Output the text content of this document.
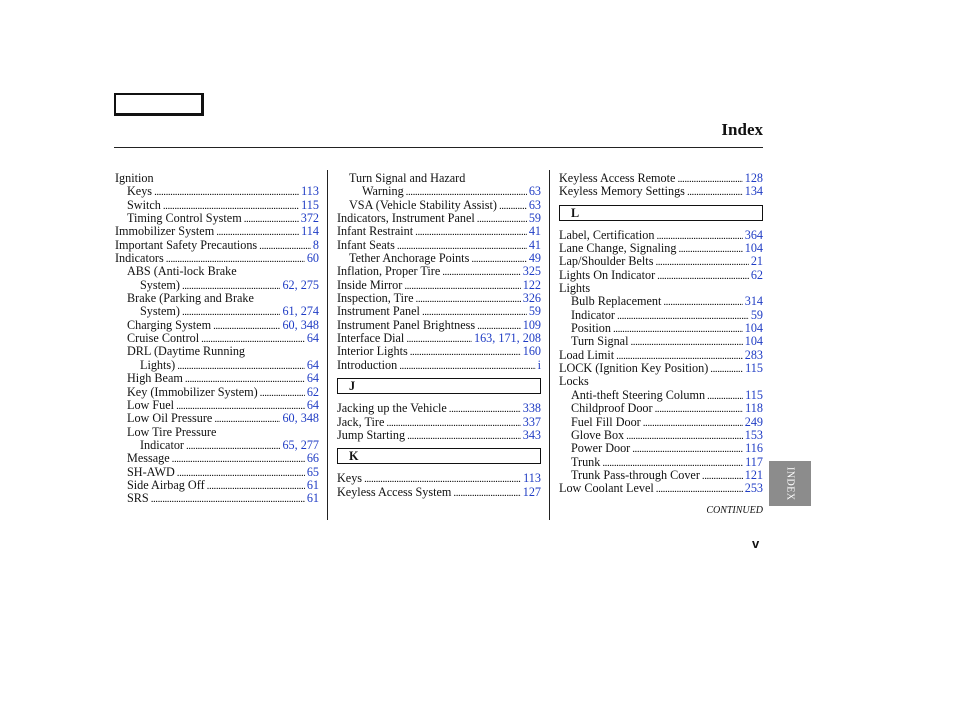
Index
Ignition
Keys . . .	113
Switch . . .	115
Timing Control System . . .	372
Immobilizer System . . .	114
Important Safety Precautions . . .	8
Indicators . . .	60
ABS (Anti-lock Brake
System) . . .	62, 275
Brake (Parking and Brake
System) . . .	61, 274
Charging System . . .	60, 348
Cruise Control . . .	64
DRL (Daytime Running
Lights) . . .	64
High Beam . . .	64
Key (Immobilizer System) . . .	62
Low Fuel . . .	64
Low Oil Pressure . . .	60, 348
Low Tire Pressure
Indicator . . .	65, 277
Message . . .	66
SH-AWD . . .	65
Side Airbag Off . . .	61
SRS . . .	61
Turn Signal and Hazard
Warning . . .	63
VSA (Vehicle Stability Assist) . . .	63
Indicators, Instrument Panel . . .	59
Infant Restraint . . .	41
Infant Seats . . .	41
Tether Anchorage Points . . .	49
Inflation, Proper Tire . . .	325
Inside Mirror . . .	122
Inspection, Tire . . .	326
Instrument Panel . . .	59
Instrument Panel Brightness . . .	109
Interface Dial . . .	163, 171, 208
Interior Lights . . .	160
Introduction . . .	i
J
Jacking up the Vehicle . . .	338
Jack, Tire . . .	337
Jump Starting . . .	343
K
Keys . . .	113
Keyless Access System . . .	127
Keyless Access Remote . . .	128
Keyless Memory Settings . . .	134
L
Label, Certification . . .	364
Lane Change, Signaling . . .	104
Lap/Shoulder Belts . . .	21
Lights On Indicator . . .	62
Lights
Bulb Replacement . . .	314
Indicator . . .	59
Position . . .	104
Turn Signal . . .	104
Load Limit . . .	283
LOCK (Ignition Key Position) . . .	115
Locks
Anti-theft Steering Column . . .	115
Childproof Door . . .	118
Fuel Fill Door . . .	249
Glove Box . . .	153
Power Door . . .	116
Trunk . . .	117
Trunk Pass-through Cover . . .	121
Low Coolant Level . . .	253
CONTINUED
INDEX
v
